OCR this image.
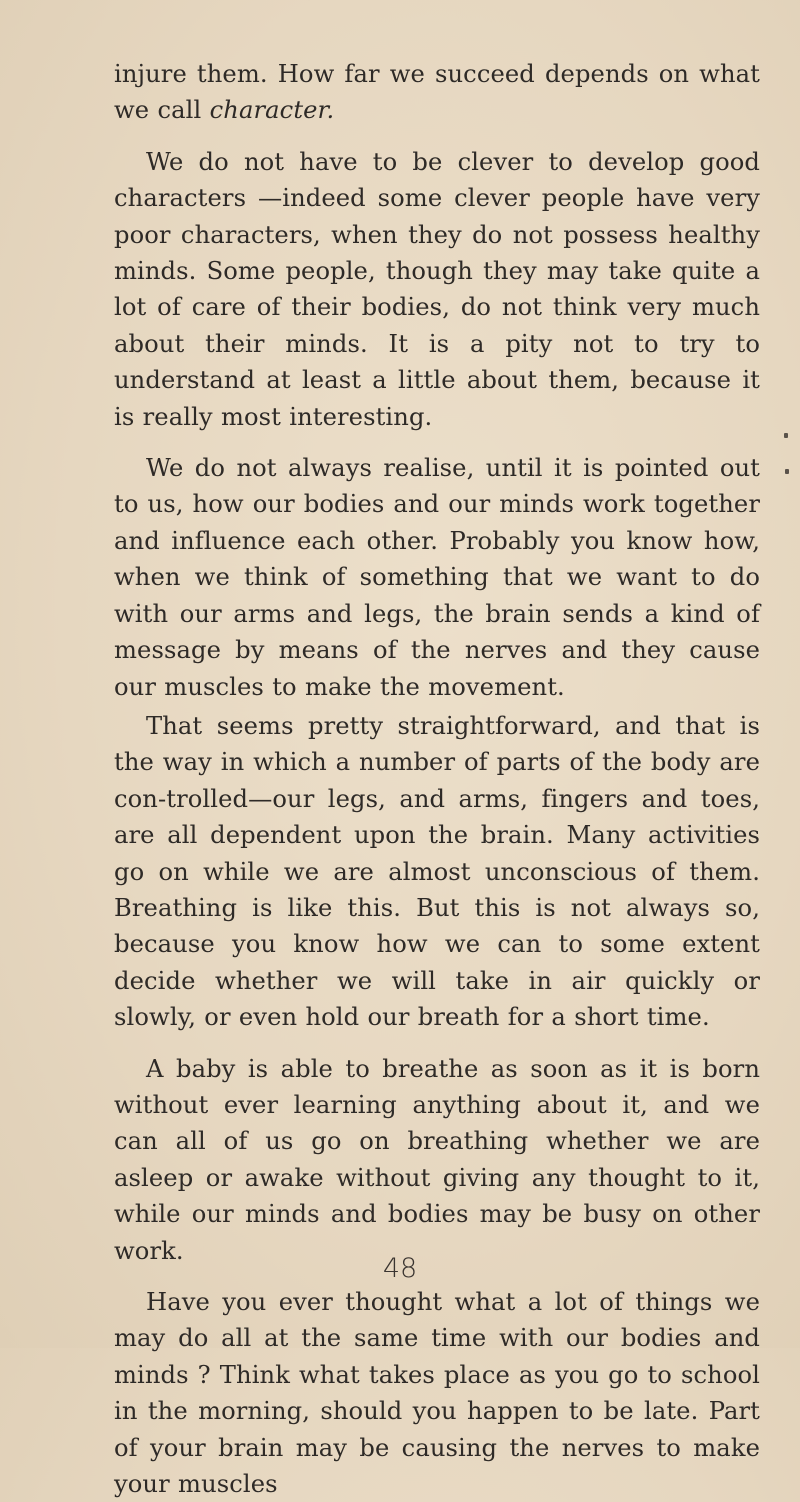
injure them. How far we succeed depends on what we call character.

We do not have to be clever to develop good characters —indeed some clever people have very poor characters, when they do not possess healthy minds. Some people, though they may take quite a lot of care of their bodies, do not think very much about their minds. It is a pity not to try to understand at least a little about them, because it is really most interesting.

We do not always realise, until it is pointed out to us, how our bodies and our minds work together and influence each other. Probably you know how, when we think of something that we want to do with our arms and legs, the brain sends a kind of message by means of the nerves and they cause our muscles to make the movement.

That seems pretty straightforward, and that is the way in which a number of parts of the body are con-trolled—our legs, and arms, fingers and toes, are all dependent upon the brain. Many activities go on while we are almost unconscious of them. Breathing is like this. But this is not always so, because you know how we can to some extent decide whether we will take in air quickly or slowly, or even hold our breath for a short time.

A baby is able to breathe as soon as it is born without ever learning anything about it, and we can all of us go on breathing whether we are asleep or awake without giving any thought to it, while our minds and bodies may be busy on other work.

Have you ever thought what a lot of things we may do all at the same time with our bodies and minds ? Think what takes place as you go to school in the morning, should you happen to be late. Part of your brain may be causing the nerves to make your muscles

48
